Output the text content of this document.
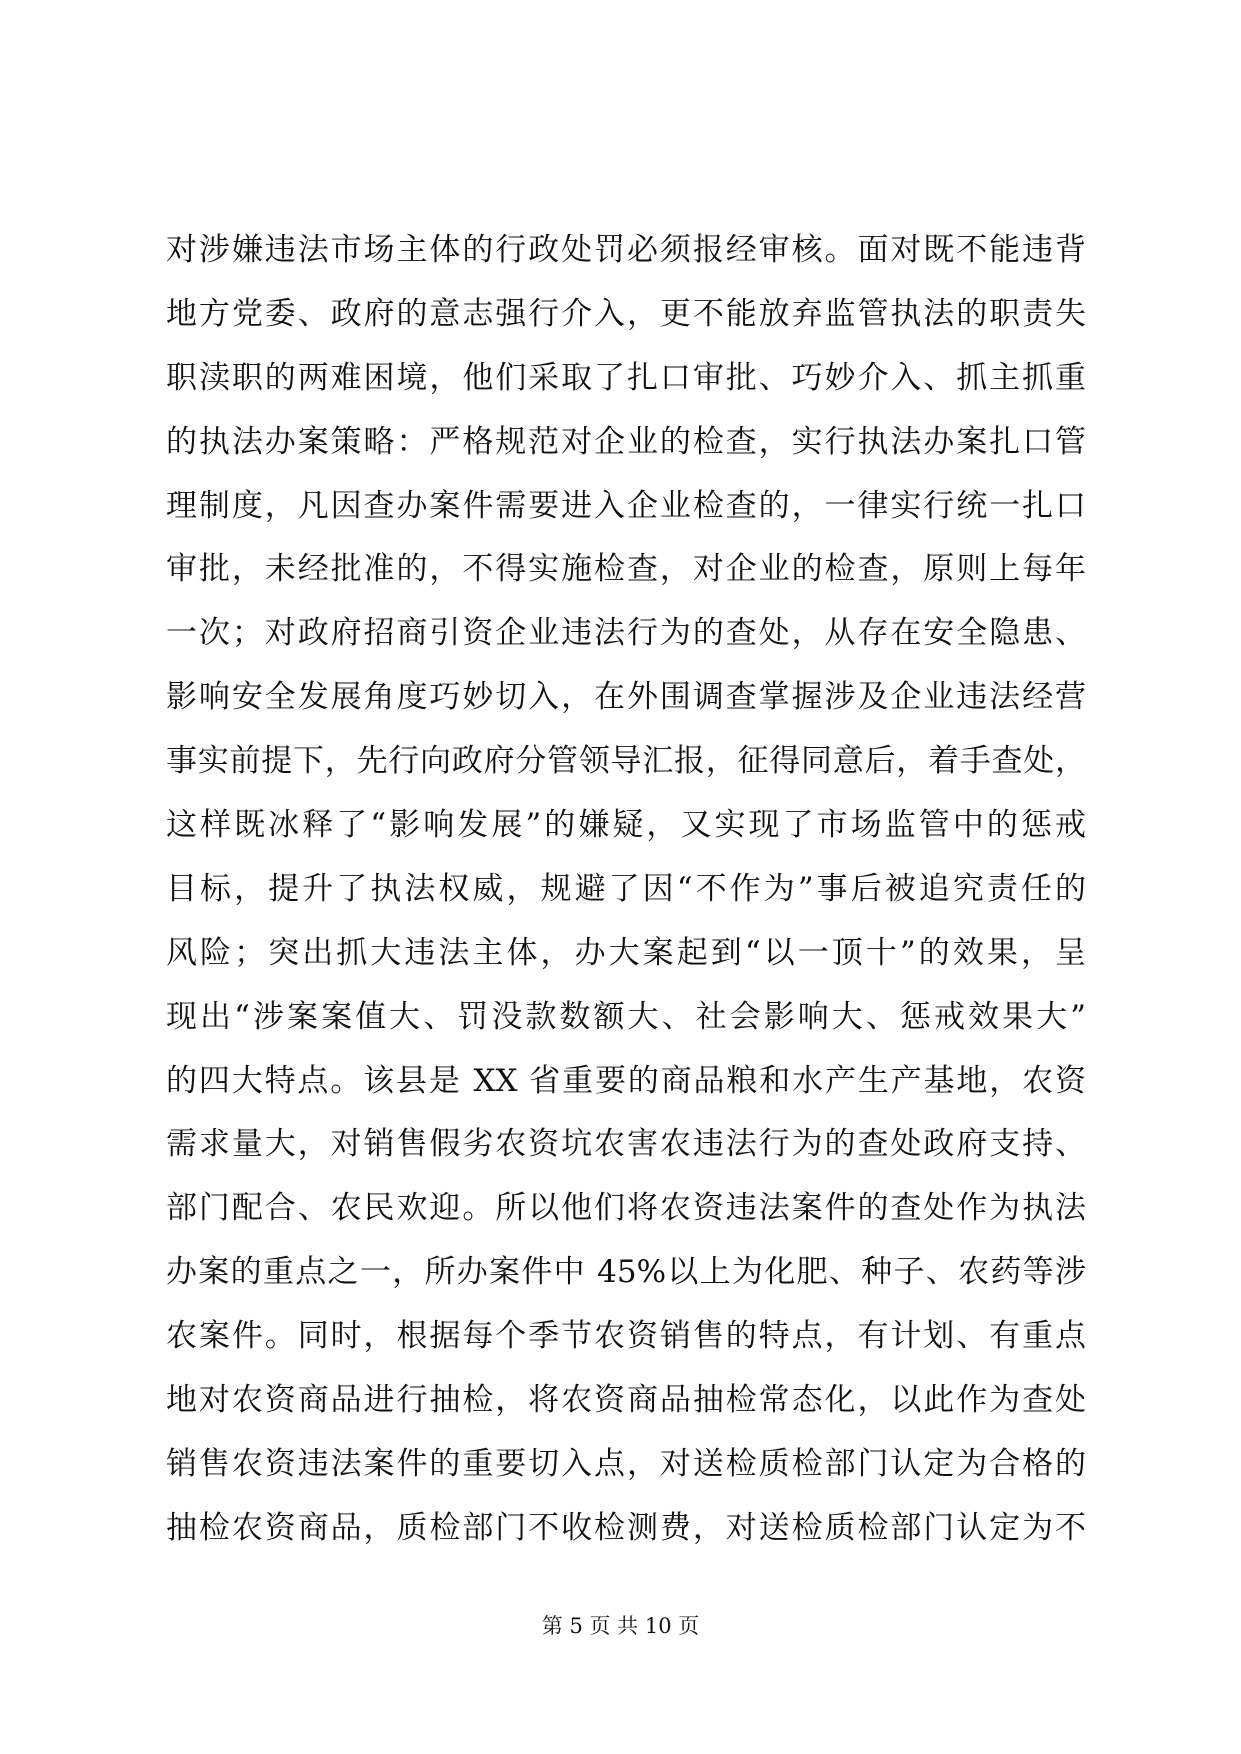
对涉嫌违法市场主体的行政处罚必须报经审核。面对既不能违背
地方党委、政府的意志强行介入，更不能放弃监管执法的职责失
职渎职的两难困境，他们采取了扎口审批、巧妙介入、抓主抓重
的执法办案策略：严格规范对企业的检查，实行执法办案扎口管
理制度，凡因查办案件需要进入企业检查的，一律实行统一扎口
审批，未经批准的，不得实施检查，对企业的检查，原则上每年
一次；对政府招商引资企业违法行为的查处，从存在安全隐患、
影响安全发展角度巧妙切入，在外围调查掌握涉及企业违法经营
事实前提下，先行向政府分管领导汇报，征得同意后，着手查处，
这样既冰释了“影响发展”的嫌疑，又实现了市场监管中的惩戒
目标，提升了执法权威，规避了因“不作为”事后被追究责任的
风险；突出抓大违法主体，办大案起到“以一顶十”的效果，呈
现出“涉案案值大、罚没款数额大、社会影响大、惩戒效果大”
的四大特点。该县是 XX 省重要的商品粮和水产生产基地，农资
需求量大，对销售假劣农资坑农害农违法行为的查处政府支持、
部门配合、农民欢迎。所以他们将农资违法案件的查处作为执法
办案的重点之一，所办案件中 45%以上为化肥、种子、农药等涉
农案件。同时，根据每个季节农资销售的特点，有计划、有重点
地对农资商品进行抽检，将农资商品抽检常态化，以此作为查处
销售农资违法案件的重要切入点，对送检质检部门认定为合格的
抽检农资商品，质检部门不收检测费，对送检质检部门认定为不
第 5 页 共 10 页
